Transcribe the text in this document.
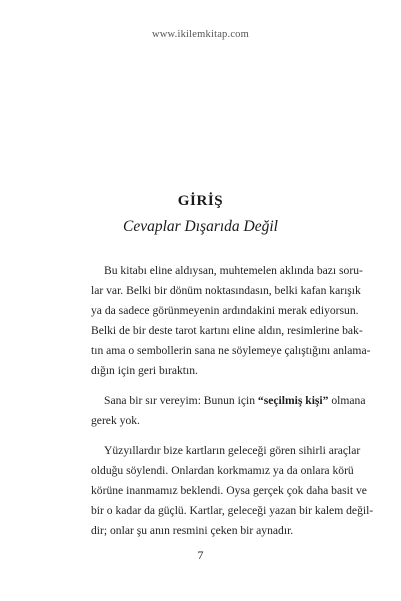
www.ikilemkitap.com
GİRİŞ
Cevaplar Dışarıda Değil
Bu kitabı eline aldıysan, muhtemelen aklında bazı soru-
lar var. Belki bir dönüm noktasındasın, belki kafan karışık
ya da sadece görünmeyenin ardındakini merak ediyorsun.
Belki de bir deste tarot kartını eline aldın, resimlerine bak-
tın ama o sembollerin sana ne söylemeye çalıştığını anlama-
dığın için geri bıraktın.
Sana bir sır vereyim: Bunun için “seçilmiş kişi” olmana
gerek yok.
Yüzyıllardır bize kartların geleceği gören sihirli araçlar
olduğu söylendi. Onlardan korkmamız ya da onlara körü
körüne inanmamız beklendi. Oysa gerçek çok daha basit ve
bir o kadar da güçlü. Kartlar, geleceği yazan bir kalem değil-
dir; onlar şu anın resmini çeken bir aynadır.
7
